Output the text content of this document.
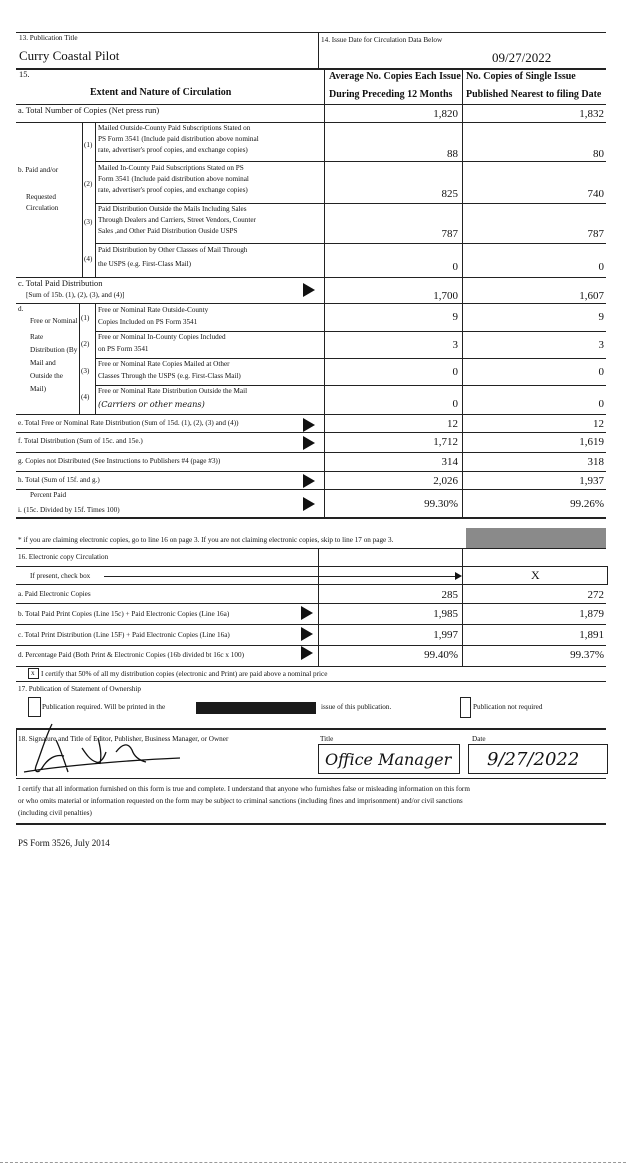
13. Publication Title
Curry Coastal Pilot
14. Issue Date for Circulation Data Below
09/27/2022
15.
Extent and Nature of Circulation
Average No. Copies Each Issue
During Preceding 12 Months
No. Copies of Single Issue
Published Nearest to filing Date
a. Total Number of Copies (Net press run)	1,820	1,832
b. Paid and/or
Requested
Circulation
(1)
Mailed Outside-County Paid Subscriptions Stated on
PS Form 3541 (Include paid distribution above nominal
rate, advertiser's proof copies, and exchange copies)	88	80
(2)
Mailed In-County Paid Subscriptions Stated on PS
Form 3541 (Include paid distribution above nominal
rate, advertiser's proof copies, and exchange copies)	825	740
(3)
Paid Distribution Outside the Mails Including Sales
Through Dealers and Carriers, Street Vendors, Counter
Sales ,and Other Paid Distribution Ouside USPS	787	787
(4)
Paid Distribution by Other Classes of Mail Through
the USPS (e.g. First-Class Mail)	0	0
c. Total Paid Distribution
[Sum of 15b. (1), (2), (3), and (4)]	1,700	1,607
d.
Free or Nominal
Rate
Distribution (By
Mail and
Outside the
Mail)
(1)
Free or Nominal Rate Outside-County
Copies Included on PS Form 3541	9	9
(2)
Free or Nominal In-County Copies Included
on PS Form 3541	3	3
(3)
Free or Nominal Rate Copies Mailed at Other
Classes Through the USPS (e.g. First-Class Mail)	0	0
(4)
Free or Nominal Rate Distribution Outside the Mail
(Carriers or other means)	0	0
e. Total Free or Nominal Rate Distribution (Sum of 15d. (1), (2), (3) and (4))	12	12
f. Total Distribution (Sum of 15c. and 15e.)	1,712	1,619
g. Copies not Distributed (See Instructions to Publishers #4 (page #3))	314	318
h. Total (Sum of 15f. and g.)	2,026	1,937
Percent Paid
i. (15c. Divided by 15f. Times 100)	99.30%	99.26%
* if you are claiming electronic copies, go to line 16 on page 3. If you are not claiming electronic copies, skip to line 17 on page 3.
16. Electronic copy Circulation
If present, check box	X
a. Paid Electronic Copies	285	272
b. Total Paid Print Copies (Line 15c) + Paid Electronic Copies (Line 16a)	1,985	1,879
c. Total Print Distribution (Line 15F) + Paid Electronic Copies (Line 16a)	1,997	1,891
d. Percentage Paid (Both Print & Electronic Copies (16b divided bt 16c x 100)	99.40%	99.37%
x I certify that 50% of all my distribution copies (electronic and Print) are paid above a nominal price
17. Publication of Statement of Ownership
Publication required. Will be printed in the	issue of this publication.	Publication not required
18. Signature and Title of Editor, Publisher, Business Manager, or Owner	Title
Office Manager
Date
9/27/2022
I certify that all information furnished on this form is true and complete. I understand that anyone who furnishes false or misleading information on this form
or who omits material or information requested on the form may be subject to criminal sanctions (including fines and imprisonment) and/or civil sanctions
(including civil penalties)
PS Form 3526, July 2014
